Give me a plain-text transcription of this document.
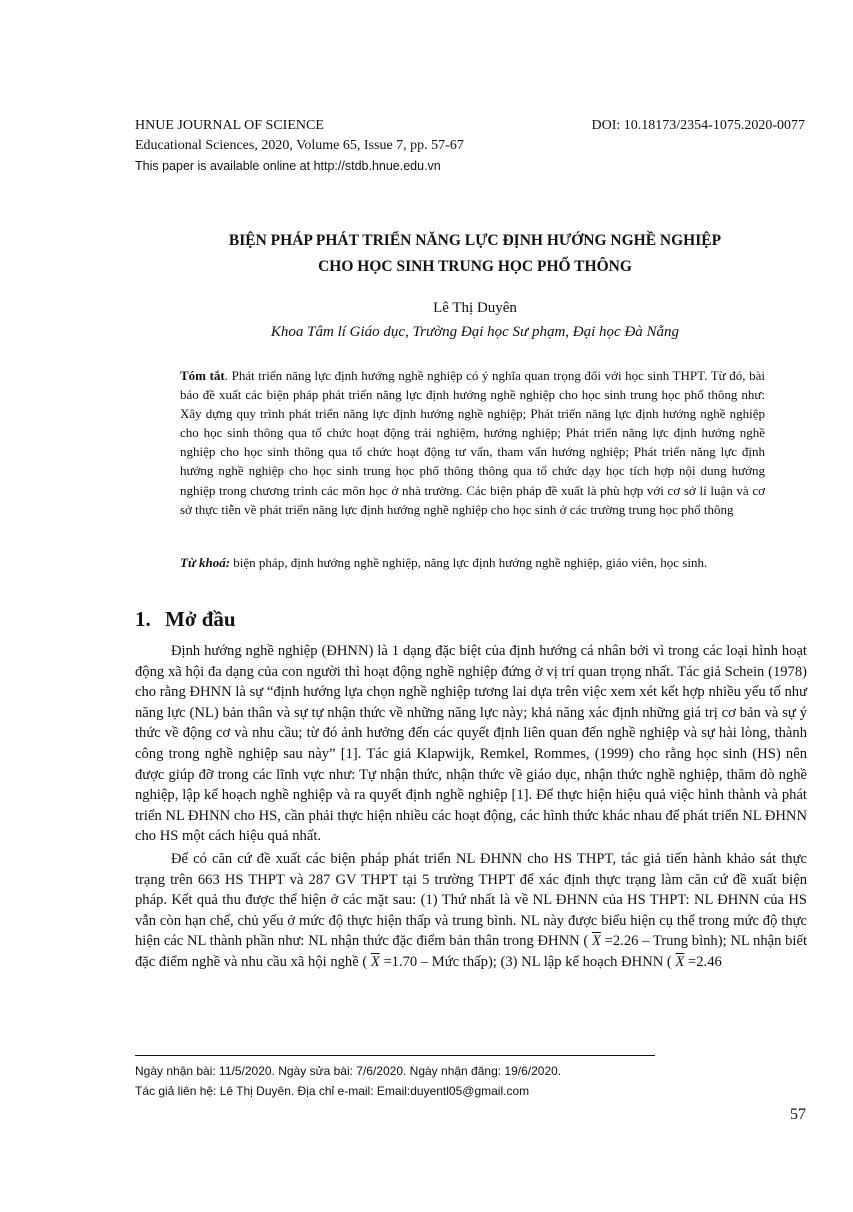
HNUE JOURNAL OF SCIENCE
Educational Sciences, 2020, Volume 65, Issue 7, pp. 57-67
This paper is available online at http://stdb.hnue.edu.vn
DOI: 10.18173/2354-1075.2020-0077
BIỆN PHÁP PHÁT TRIỂN NĂNG LỰC ĐỊNH HƯỚNG NGHỀ NGHIỆP
CHO HỌC SINH TRUNG HỌC PHỔ THÔNG
Lê Thị Duyên
Khoa Tâm lí Giáo dục, Trường Đại học Sư phạm, Đại học Đà Nẵng

Tóm tắt. Phát triển năng lực định hướng nghề nghiệp có ý nghĩa quan trọng đối với học sinh THPT. Từ đó, bài báo đề xuất các biện pháp phát triển năng lực định hướng nghề nghiệp cho học sinh trung học phổ thông như: Xây dựng quy trình phát triển năng lực định hướng nghề nghiệp; Phát triển năng lực định hướng nghề nghiệp cho học sinh thông qua tổ chức hoạt động trải nghiệm, hướng nghiệp; Phát triển năng lực định hướng nghề nghiệp cho học sinh thông qua tổ chức hoạt động tư vấn, tham vấn hướng nghiệp; Phát triển năng lực định hướng nghề nghiệp cho học sinh trung học phổ thông thông qua tổ chức dạy học tích hợp nội dung hướng nghiệp trong chương trình các môn học ở nhà trường. Các biện pháp đề xuất là phù hợp với cơ sở lí luận và cơ sở thực tiễn về phát triển năng lực định hướng nghề nghiệp cho học sinh ở các trường trung học phổ thông

Từ khoá: biện pháp, định hướng nghề nghiệp, năng lực định hướng nghề nghiệp, giáo viên, học sinh.

1. Mở đầu

Định hướng nghề nghiệp (ĐHNN) là 1 dạng đặc biệt của định hướng cá nhân bởi vì trong các loại hình hoạt động xã hội đa dạng của con người thì hoạt động nghề nghiệp đứng ở vị trí quan trọng nhất. Tác giả Schein (1978) cho rằng ĐHNN là sự “định hướng lựa chọn nghề nghiệp tương lai dựa trên việc xem xét kết hợp nhiều yếu tố như năng lực (NL) bản thân và sự tự nhận thức về những năng lực này; khả năng xác định những giá trị cơ bản và sự ý thức về động cơ và nhu cầu; từ đó ảnh hưởng đến các quyết định liên quan đến nghề nghiệp và sự hài lòng, thành công trong nghề nghiệp sau này” [1]. Tác giả Klapwijk, Remkel, Rommes, (1999) cho rằng học sinh (HS) nên được giúp đỡ trong các lĩnh vực như: Tự nhận thức, nhận thức về giáo dục, nhận thức nghề nghiệp, thăm dò nghề nghiệp, lập kế hoạch nghề nghiệp và ra quyết định nghề nghiệp [1]. Để thực hiện hiệu quả việc hình thành và phát triển NL ĐHNN cho HS, cần phải thực hiện nhiều các hoạt động, các hình thức khác nhau để phát triển NL ĐHNN cho HS một cách hiệu quả nhất.

Để có căn cứ đề xuất các biện pháp phát triển NL ĐHNN cho HS THPT, tác giả tiến hành khảo sát thực trạng trên 663 HS THPT và 287 GV THPT tại 5 trường THPT để xác định thực trạng làm căn cứ đề xuất biện pháp. Kết quả thu được thể hiện ở các mặt sau: (1) Thứ nhất là về NL ĐHNN của HS THPT: NL ĐHNN của HS vẫn còn hạn chế, chủ yếu ở mức độ thực hiện thấp và trung bình. NL này được biểu hiện cụ thể trong mức độ thực hiện các NL thành phần như: NL nhận thức đặc điểm bản thân trong ĐHNN ( $\overline{X} =2.26$ – Trung bình); NL nhận biết đặc điểm nghề và nhu cầu xã hội nghề ( $\overline{X} =1.70$ – Mức thấp); (3) NL lập kế hoạch ĐHNN ( $\overline{X} =2.46$

Ngày nhận bài: 11/5/2020. Ngày sửa bài: 7/6/2020. Ngày nhận đăng: 19/6/2020.
Tác giả liên hệ: Lê Thị Duyên. Địa chỉ e-mail: Email:duyentl05@gmail.com
57
